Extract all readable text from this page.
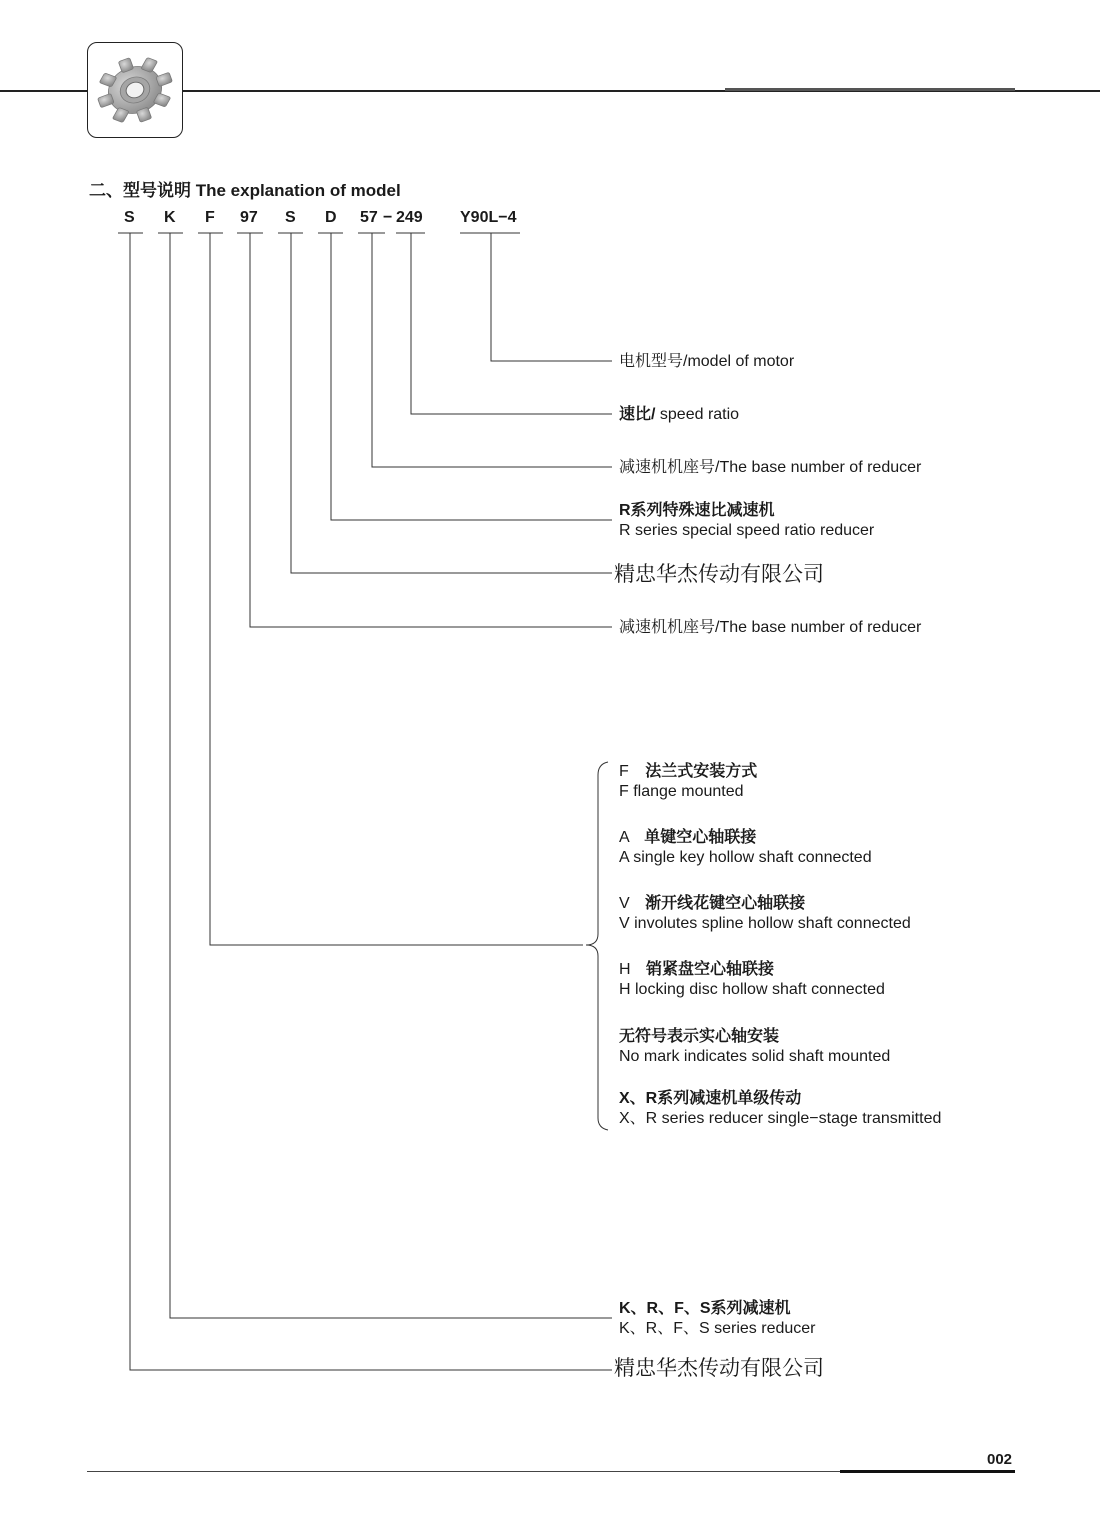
二、型号说明 The explanation of model
S K F 97 S D 57 − 249 Y90L−4
电机型号/model of motor
速比/ speed ratio
减速机机座号/The base number of reducer
R系列特殊速比减速机
R series special speed ratio reducer
精忠华杰传动有限公司
减速机机座号/The base number of reducer
F 法兰式安装方式
F flange mounted
A 单键空心轴联接
A single key hollow shaft connected
V 渐开线花键空心轴联接
V involutes spline hollow shaft connected
H 销紧盘空心轴联接
H locking disc hollow shaft connected
无符号表示实心轴安装
No mark indicates solid shaft mounted
X、R系列减速机单级传动
X、R series reducer single−stage transmitted
K、R、F、S系列减速机
K、R、F、S series reducer
精忠华杰传动有限公司
002
